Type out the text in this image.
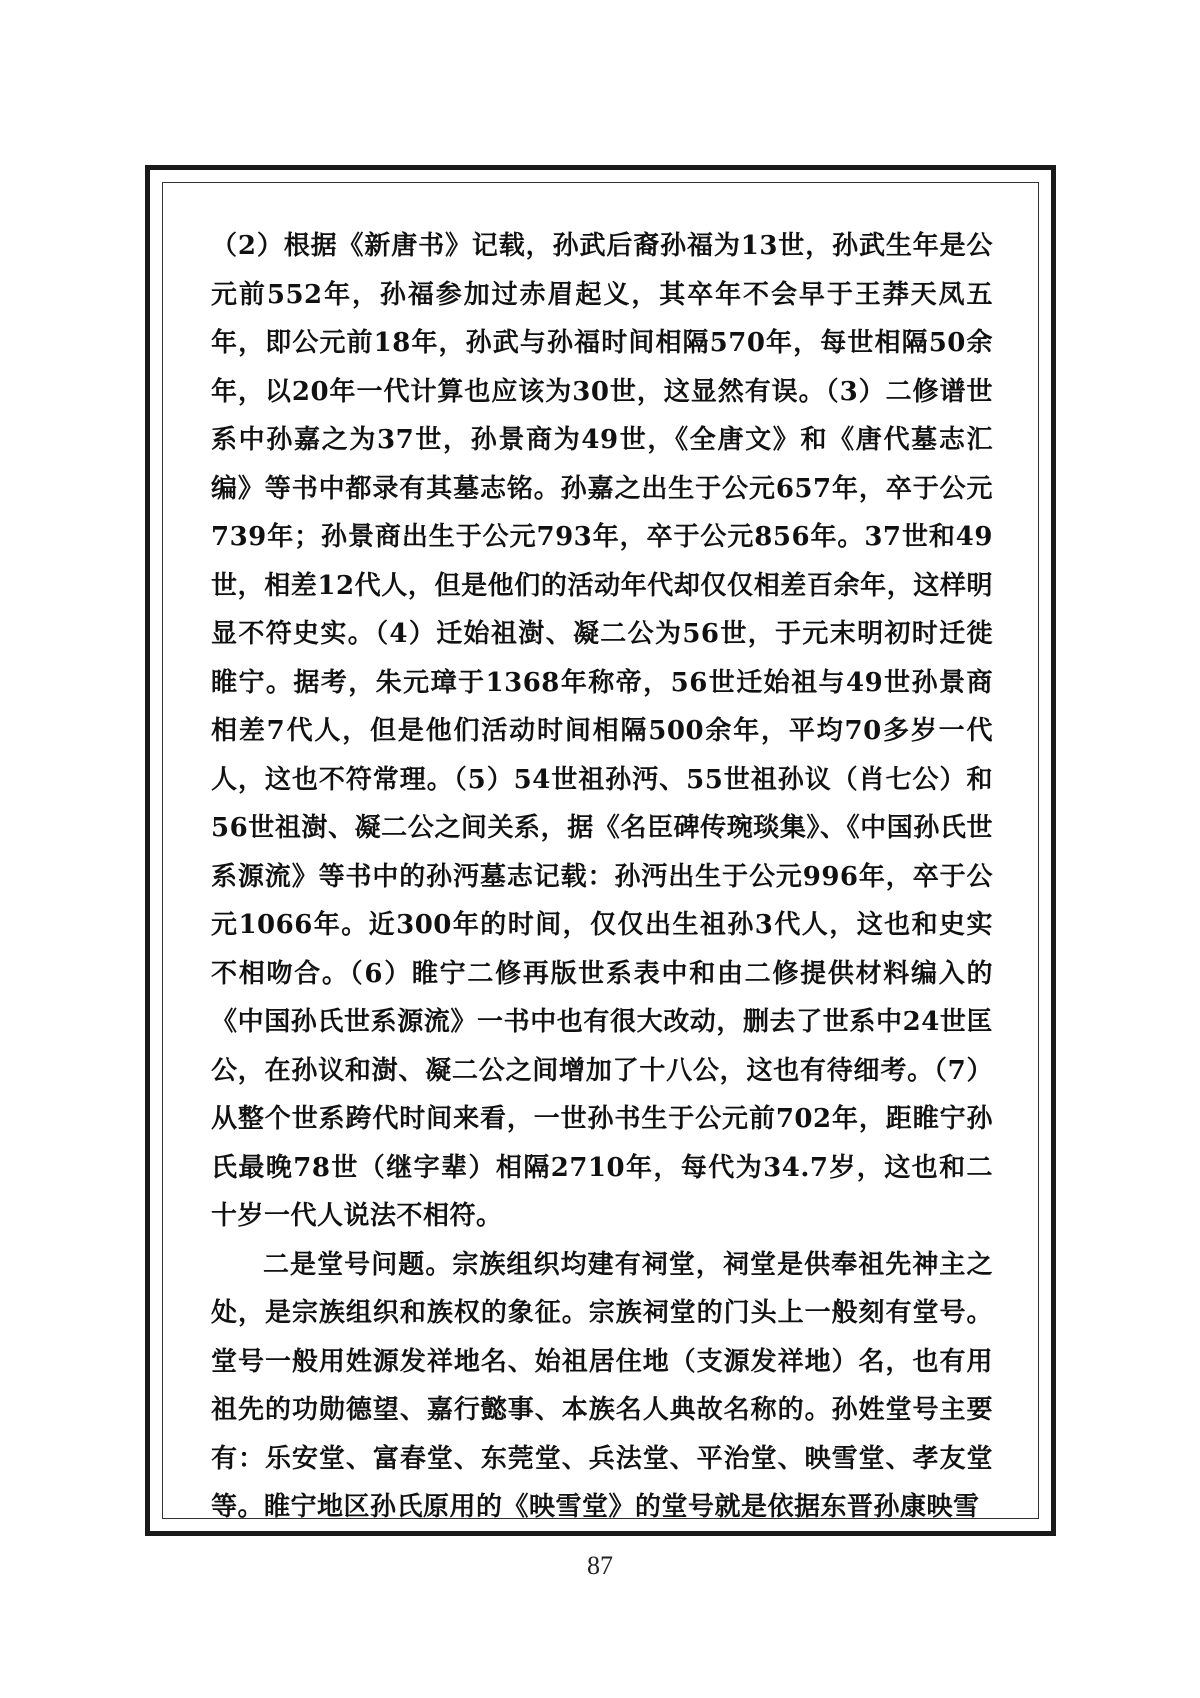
（2）根据《新唐书》记载，孙武后裔孙福为13世，孙武生年是公元前552年，孙福参加过赤眉起义，其卒年不会早于王莽天凤五年，即公元前18年，孙武与孙福时间相隔570年，每世相隔50余年，以20年一代计算也应该为30世，这显然有误。（3）二修谱世系中孙嘉之为37世，孙景商为49世，《全唐文》和《唐代墓志汇编》等书中都录有其墓志铭。孙嘉之出生于公元657年，卒于公元739年；孙景商出生于公元793年，卒于公元856年。37世和49世，相差12代人，但是他们的活动年代却仅仅相差百余年，这样明显不符史实。（4）迁始祖澍、凝二公为56世，于元末明初时迁徙睢宁。据考，朱元璋于1368年称帝，56世迁始祖与49世孙景商相差7代人，但是他们活动时间相隔500余年，平均70多岁一代人，这也不符常理。（5）54世祖孙沔、55世祖孙议（肖七公）和56世祖澍、凝二公之间关系，据《名臣碑传琬琰集》、《中国孙氏世系源流》等书中的孙沔墓志记载：孙沔出生于公元996年，卒于公元1066年。近300年的时间，仅仅出生祖孙3代人，这也和史实不相吻合。（6）睢宁二修再版世系表中和由二修提供材料编入的《中国孙氏世系源流》一书中也有很大改动，删去了世系中24世匡公，在孙议和澍、凝二公之间增加了十八公，这也有待细考。（7）从整个世系跨代时间来看，一世孙书生于公元前702年，距睢宁孙氏最晚78世（继字辈）相隔2710年，每代为34.7岁，这也和二十岁一代人说法不相符。

二是堂号问题。宗族组织均建有祠堂，祠堂是供奉祖先神主之处，是宗族组织和族权的象征。宗族祠堂的门头上一般刻有堂号。堂号一般用姓源发祥地名、始祖居住地（支源发祥地）名，也有用祖先的功勋德望、嘉行懿事、本族名人典故名称的。孙姓堂号主要有：乐安堂、富春堂、东莞堂、兵法堂、平治堂、映雪堂、孝友堂等。睢宁地区孙氏原用的《映雪堂》的堂号就是依据东晋孙康映雪

87
